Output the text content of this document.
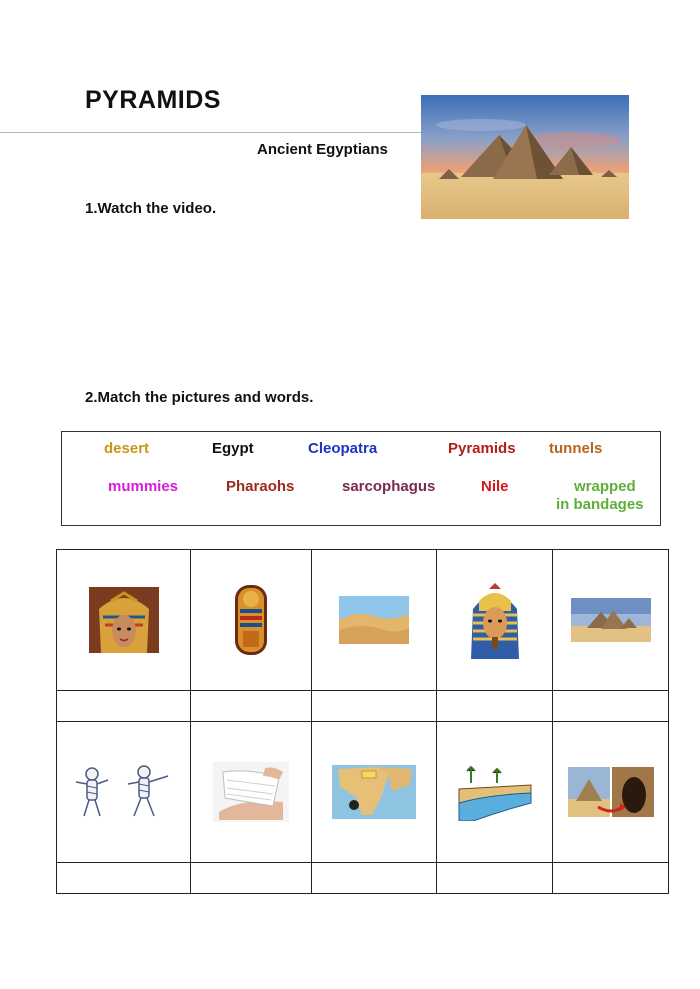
PYRAMIDS
Ancient Egyptians
1.Watch the video.
2.Match the pictures and words.
desert	Egypt	Cleopatra	Pyramids tunnels
mummies	Pharaohs	sarcophagus	Nile	wrapped
in bandages
